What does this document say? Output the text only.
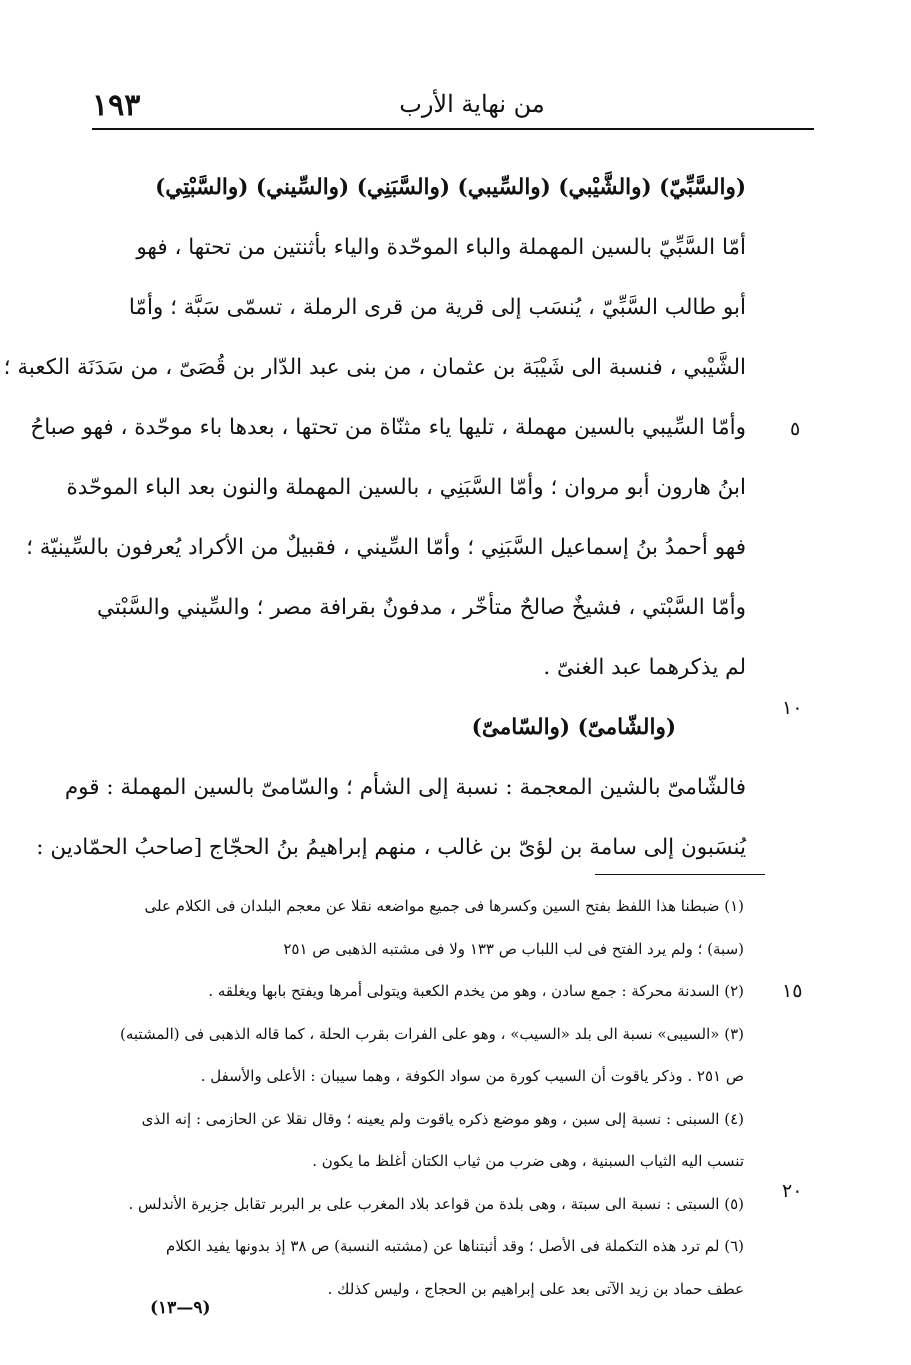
١٩٣	من نهاية الأرب
(والسَّبِّيّ) (والشَّيْبي) (والسِّيبي) (والسَّبَنِي) (والسِّيني) (والسَّبْتِي)
أمّا السَّبِّيّ بالسين المهملة والباء الموحّدة والياء بأثنتين من تحتها ، فهو
أبو طالب السَّبِّيّ ، يُنسَب إلى قرية من قرى الرملة ، تسمّى سَبَّة ؛ وأمّا
الشَّيْبي ، فنسبة الى شَيْبَة بن عثمان ، من بنى عبد الدّار بن قُصَىّ ، من سَدَنَة الكعبة ؛
وأمّا السِّيبي بالسين مهملة ، تليها ياء مثنّاة من تحتها ، بعدها باء موحّدة ، فهو صباحُ
ابنُ هارون أبو مروان ؛ وأمّا السَّبَنِي ، بالسين المهملة والنون بعد الباء الموحّدة
فهو أحمدُ بنُ إسماعيل السَّبَنِي ؛ وأمّا السِّيني ، فقبيلٌ من الأكراد يُعرفون بالسِّينيّة ؛
وأمّا السَّبْتي ، فشيخٌ صالحٌ متأخّر ، مدفونٌ بقرافة مصر ؛ والسِّيني والسَّبْتي
لم يذكرهما عبد الغنىّ .
(والشّامىّ) (والسّامىّ)
فالشّامىّ بالشين المعجمة : نسبة إلى الشأم ؛ والسّامىّ بالسين المهملة : قوم
يُنسَبون إلى سامة بن لؤىّ بن غالب ، منهم إبراهيمُ بنُ الحجّاج [صاحبُ الحمّادين :
٥
١٠
١٥
٢٠
(١) ضبطنا هذا اللفظ بفتح السين وكسرها فى جميع مواضعه نقلا عن معجم البلدان فى الكلام على
(سبة) ؛ ولم يرد الفتح فى لب اللباب ص ١٣٣ ولا فى مشتبه الذهبى ص ٢٥١
(٢) السدنة محركة : جمع سادن ، وهو من يخدم الكعبة ويتولى أمرها ويفتح بابها ويغلقه .
(٣) «السيبى» نسبة الى بلد «السيب» ، وهو على الفرات بقرب الحلة ، كما قاله الذهبى فى (المشتبه)
ص ٢٥١ . وذكر ياقوت أن السيب كورة من سواد الكوفة ، وهما سيبان : الأعلى والأسفل .
(٤) السبنى : نسبة إلى سبن ، وهو موضع ذكره ياقوت ولم يعينه ؛ وقال نقلا عن الحازمى : إنه الذى
تنسب اليه الثياب السبنية ، وهى ضرب من ثياب الكتان أغلظ ما يكون .
(٥) السبتى : نسبة الى سبتة ، وهى بلدة من قواعد بلاد المغرب على بر البربر تقابل جزيرة الأندلس .
(٦) لم ترد هذه التكملة فى الأصل ؛ وقد أثبتناها عن (مشتبه النسبة) ص ٣٨ إذ بدونها يفيد الكلام
عطف حماد بن زيد الآتى بعد على إبراهيم بن الحجاج ، وليس كذلك .
(٩—١٣)
